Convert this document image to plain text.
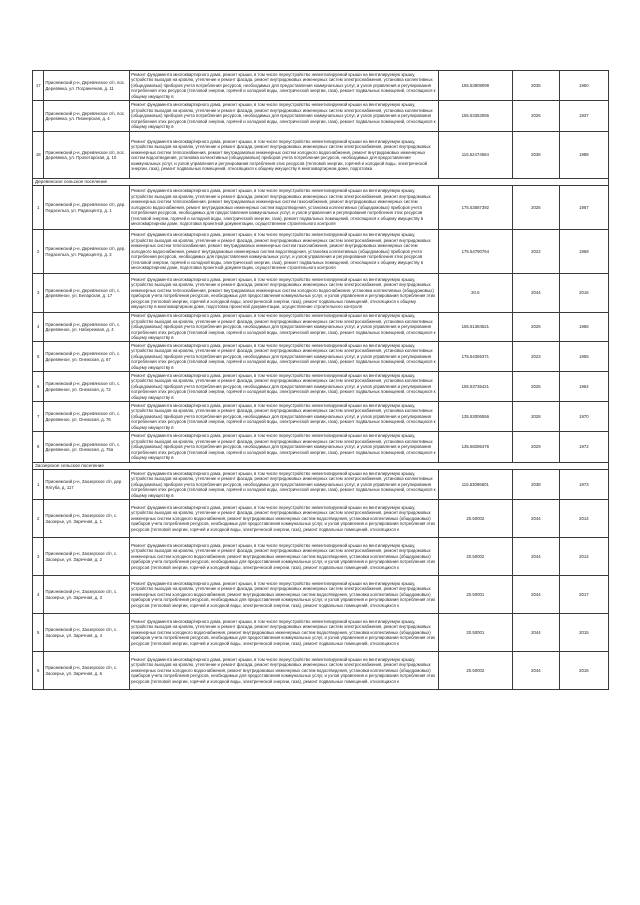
17	Прионежский р-н, Деревянское с/п, пос. Деревянка, ул. Пограничная, д. 11	Ремонт фундамента многоквартирного дома, ремонт крыши, в том числе переустройство невентилируемой крыши на вентилируемую крышу, устройство выходов на кровлю, утепление и ремонт фасада, ремонт внутридомовых инженерных систем электроснабжения, установка коллективных (общедомовых) приборов учета потребления ресурсов, необходимых для предоставления коммунальных услуг, и узлов управления и регулирования потребления этих ресурсов (тепловой энергии, горячей и холодной воды, электрической энергии, газа), ремонт подвальных помещений, относящихся к общему имуществу в	155.53908099	2035	1950
	Прионежский р-н, Деревянское с/п, пос. Деревянка, ул. Пионерская, д. 4	Ремонт фундамента многоквартирного дома, ремонт крыши, в том числе переустройство невентилируемой крыши на вентилируемую крышу, устройство выходов на кровлю, утепление и ремонт фасада, ремонт внутридомовых инженерных систем электроснабжения, установка коллективных (общедомовых) приборов учета потребления ресурсов, необходимых для предоставления коммунальных услуг, и узлов управления и регулирования потребления этих ресурсов (тепловой энергии, горячей и холодной воды, электрической энергии, газа), ремонт подвальных помещений, относящихся к общему имуществу в	155.53353056	2026	1937
18	Прионежский р-н, Деревянское с/п, пос. Деревянка, ул. Пролетарская, д. 10	Ремонт фундамента многоквартирного дома, ремонт крыши, в том числе переустройство невентилируемой крыши на вентилируемую крышу, устройство выходов на кровлю, утепление и ремонт фасада, ремонт внутридомовых инженерных систем электроснабжения, ремонт внутридомовых инженерных систем теплоснабжения, ремонт внутридомовых инженерных систем холодного водоснабжения, ремонт внутридомовых инженерных систем водоотведения, установка коллективных (общедомовых) приборов учета потребления ресурсов, необходимых для предоставления коммунальных услуг, и узлов управления и регулирования потребления этих ресурсов (тепловой энергии, горячей и холодной воды, электрической энергии, газа), ремонт подвальных помещений, относящихся к общему имуществу в многоквартирном доме, подготовка	115.52474564	2036	1988
Деревянское сельское поселение					
1	Прионежский р-н, Деревянское с/п, дер. Педасельга, ул. Радиоцентр, д. 1	Ремонт фундамента многоквартирного дома, ремонт крыши, в том числе переустройство невентилируемой крыши на вентилируемую крышу, устройство выходов на кровлю, утепление и ремонт фасада, ремонт внутридомовых инженерных систем электроснабжения, ремонт внутридомовых инженерных систем теплоснабжения, ремонт внутридомовых инженерных систем газоснабжения, ремонт внутридомовых инженерных систем холодного водоснабжения, ремонт внутридомовых инженерных систем водоотведения, установка коллективных (общедомовых) приборов учета потребления ресурсов, необходимых для предоставления коммунальных услуг, и узлов управления и регулирования потребления этих ресурсов (тепловой энергии, горячей и холодной воды, электрической энергии, газа), ремонт подвальных помещений, относящихся к общему имуществу в многоквартирном доме, подготовка проектной документации, осуществление строительного контроля	175.53587392	2026	1967
2	Прионежский р-н, Деревянское с/п, дер. Педасельга, ул. Радиоцентр, д. 2	Ремонт фундамента многоквартирного дома, ремонт крыши, в том числе переустройство невентилируемой крыши на вентилируемую крышу, устройство выходов на кровлю, утепление и ремонт фасада, ремонт внутридомовых инженерных систем электроснабжения, ремонт внутридомовых инженерных систем теплоснабжения, ремонт внутридомовых инженерных систем газоснабжения, ремонт внутридомовых инженерных систем холодного водоснабжения, ремонт внутридомовых инженерных систем водоотведения, установка коллективных (общедомовых) приборов учета потребления ресурсов, необходимых для предоставления коммунальных услуг, и узлов управления и регулирования потребления этих ресурсов (тепловой энергии, горячей и холодной воды, электрической энергии, газа), ремонт подвальных помещений, относящихся к общему имуществу в многоквартирном доме, подготовка проектной документации, осуществление строительного контроля	175.54790764	2022	1968
3	Прионежский р-н, Деревянское с/п, с. Деревянное, ул. Беларская, д. 17	Ремонт фундамента многоквартирного дома, ремонт крыши, в том числе переустройство невентилируемой крыши на вентилируемую крышу, устройство выходов на кровлю, утепление и ремонт фасада, ремонт внутридомовых инженерных систем электроснабжения, ремонт внутридомовых инженерных систем теплоснабжения, ремонт внутридомовых инженерных систем холодного водоснабжения, установка коллективных (общедомовых) приборов учета потребления ресурсов, необходимых для предоставления коммунальных услуг, и узлов управления и регулирования потребления этих ресурсов (тепловой энергии, горячей и холодной воды, электрической энергии, газа), ремонт подвальных помещений, относящихся к общему имуществу в многоквартирном доме, подготовка проектной документации, осуществление строительного контроля	20.5	2044	2016
4	Прионежский р-н, Деревянское с/п, с. Деревянное, ул. Набережная, д. 4	Ремонт фундамента многоквартирного дома, ремонт крыши, в том числе переустройство невентилируемой крыши на вентилируемую крышу, устройство выходов на кровлю, утепление и ремонт фасада, ремонт внутридомовых инженерных систем электроснабжения, установка коллективных (общедомовых) приборов учета потребления ресурсов, необходимых для предоставления коммунальных услуг, и узлов управления и регулирования потребления этих ресурсов (тепловой энергии, горячей и холодной воды, электрической энергии, газа), ремонт подвальных помещений, относящихся к общему имуществу в	155.51384521	2026	1956
5	Прионежский р-н, Деревянское с/п, с. Деревянное, ул. Онежская, д. 67	Ремонт фундамента многоквартирного дома, ремонт крыши, в том числе переустройство невентилируемой крыши на вентилируемую крышу, устройство выходов на кровлю, утепление и ремонт фасада, ремонт внутридомовых инженерных систем электроснабжения, установка коллективных (общедомовых) приборов учета потребления ресурсов, необходимых для предоставления коммунальных услуг, и узлов управления и регулирования потребления этих ресурсов (тепловой энергии, горячей и холодной воды, электрической энергии, газа), ремонт подвальных помещений, относящихся к общему имуществу в	175.54365371	2023	1955
6	Прионежский р-н, Деревянское с/п, с. Деревянное, ул. Онежская, д. 72	Ремонт фундамента многоквартирного дома, ремонт крыши, в том числе переустройство невентилируемой крыши на вентилируемую крышу, устройство выходов на кровлю, утепление и ремонт фасада, ремонт внутридомовых инженерных систем электроснабжения, установка коллективных (общедомовых) приборов учета потребления ресурсов, необходимых для предоставления коммунальных услуг, и узлов управления и регулирования потребления этих ресурсов (тепловой энергии, горячей и холодной воды, электрической энергии, газа), ремонт подвальных помещений, относящихся к общему имуществу в	155.53736421	2025	1964
7	Прионежский р-н, Деревянское с/п, с. Деревянное, ул. Онежская, д. 76	Ремонт фундамента многоквартирного дома, ремонт крыши, в том числе переустройство невентилируемой крыши на вентилируемую крышу, устройство выходов на кровлю, утепление и ремонт фасада, ремонт внутридомовых инженерных систем электроснабжения, установка коллективных (общедомовых) приборов учета потребления ресурсов, необходимых для предоставления коммунальных услуг, и узлов управления и регулирования потребления этих ресурсов (тепловой энергии, горячей и холодной воды, электрической энергии, газа), ремонт подвальных помещений, относящихся к общему имуществу в	135.53006556	2028	1970
8	Прионежский р-н, Деревянское с/п, с. Деревянное, ул. Онежская, д. 76а	Ремонт фундамента многоквартирного дома, ремонт крыши, в том числе переустройство невентилируемой крыши на вентилируемую крышу, устройство выходов на кровлю, утепление и ремонт фасада, ремонт внутридомовых инженерных систем электроснабжения, установка коллективных (общедомовых) приборов учета потребления ресурсов, необходимых для предоставления коммунальных услуг, и узлов управления и регулирования потребления этих ресурсов (тепловой энергии, горячей и холодной воды, электрической энергии, газа), ремонт подвальных помещений, относящихся к общему имуществу в	135.58286476	2029	1972
Заозерское сельское поселение					
1	Прионежский р-н, Заозерское с/п, дер. Ялгуба, д. 117	Ремонт фундамента многоквартирного дома, ремонт крыши, в том числе переустройство невентилируемой крыши на вентилируемую крышу, устройство выходов на кровлю, утепление и ремонт фасада, ремонт внутридомовых инженерных систем электроснабжения, установка коллективных (общедомовых) приборов учета потребления ресурсов, необходимых для предоставления коммунальных услуг, и узлов управления и регулирования потребления этих ресурсов (тепловой энергии, горячей и холодной воды, электрической энергии, газа), ремонт подвальных помещений, относящихся к общему имуществу в	115.53086601	2038	1973
2	Прионежский р-н, Заозерское с/п, с. Заозерье, ул. Заречная, д. 1	Ремонт фундамента многоквартирного дома, ремонт крыши, в том числе переустройство невентилируемой крыши на вентилируемую крышу, устройство выходов на кровлю, утепление и ремонт фасада, ремонт внутридомовых инженерных систем электроснабжения, ремонт внутридомовых инженерных систем холодного водоснабжения, ремонт внутридомовых инженерных систем водоотведения, установка коллективных (общедомовых) приборов учета потребления ресурсов, необходимых для предоставления коммунальных услуг, и узлов управления и регулирования потребления этих ресурсов (тепловой энергии, горячей и холодной воды, электрической энергии, газа), ремонт подвальных помещений, относящихся к	20.50002	2044	2014
3	Прионежский р-н, Заозерское с/п, с. Заозерье, ул. Заречная, д. 2	Ремонт фундамента многоквартирного дома, ремонт крыши, в том числе переустройство невентилируемой крыши на вентилируемую крышу, устройство выходов на кровлю, утепление и ремонт фасада, ремонт внутридомовых инженерных систем электроснабжения, ремонт внутридомовых инженерных систем холодного водоснабжения, ремонт внутридомовых инженерных систем водоотведения, установка коллективных (общедомовых) приборов учета потребления ресурсов, необходимых для предоставления коммунальных услуг, и узлов управления и регулирования потребления этих ресурсов (тепловой энергии, горячей и холодной воды, электрической энергии, газа), ремонт подвальных помещений, относящихся к	20.50002	2044	2014
4	Прионежский р-н, Заозерское с/п, с. Заозерье, ул. Заречная, д. 3	Ремонт фундамента многоквартирного дома, ремонт крыши, в том числе переустройство невентилируемой крыши на вентилируемую крышу, устройство выходов на кровлю, утепление и ремонт фасада, ремонт внутридомовых инженерных систем электроснабжения, ремонт внутридомовых инженерных систем холодного водоснабжения, ремонт внутридомовых инженерных систем водоотведения, установка коллективных (общедомовых) приборов учета потребления ресурсов, необходимых для предоставления коммунальных услуг, и узлов управления и регулирования потребления этих ресурсов (тепловой энергии, горячей и холодной воды, электрической энергии, газа), ремонт подвальных помещений, относящихся к	20.50001	2044	2017
5	Прионежский р-н, Заозерское с/п, с. Заозерье, ул. Заречная, д. 4	Ремонт фундамента многоквартирного дома, ремонт крыши, в том числе переустройство невентилируемой крыши на вентилируемую крышу, устройство выходов на кровлю, утепление и ремонт фасада, ремонт внутридомовых инженерных систем электроснабжения, ремонт внутридомовых инженерных систем холодного водоснабжения, ремонт внутридомовых инженерных систем водоотведения, установка коллективных (общедомовых) приборов учета потребления ресурсов, необходимых для предоставления коммунальных услуг, и узлов управления и регулирования потребления этих ресурсов (тепловой энергии, горячей и холодной воды, электрической энергии, газа), ремонт подвальных помещений, относящихся к	20.50001	2044	2015
6	Прионежский р-н, Заозерское с/п, с. Заозерье, ул. Заречная, д. 6	Ремонт фундамента многоквартирного дома, ремонт крыши, в том числе переустройство невентилируемой крыши на вентилируемую крышу, устройство выходов на кровлю, утепление и ремонт фасада, ремонт внутридомовых инженерных систем электроснабжения, ремонт внутридомовых инженерных систем холодного водоснабжения, ремонт внутридомовых инженерных систем водоотведения, установка коллективных (общедомовых) приборов учета потребления ресурсов, необходимых для предоставления коммунальных услуг, и узлов управления и регулирования потребления этих ресурсов (тепловой энергии, горячей и холодной воды, электрической энергии, газа), ремонт подвальных помещений, относящихся к	20.50002	2044	2016
